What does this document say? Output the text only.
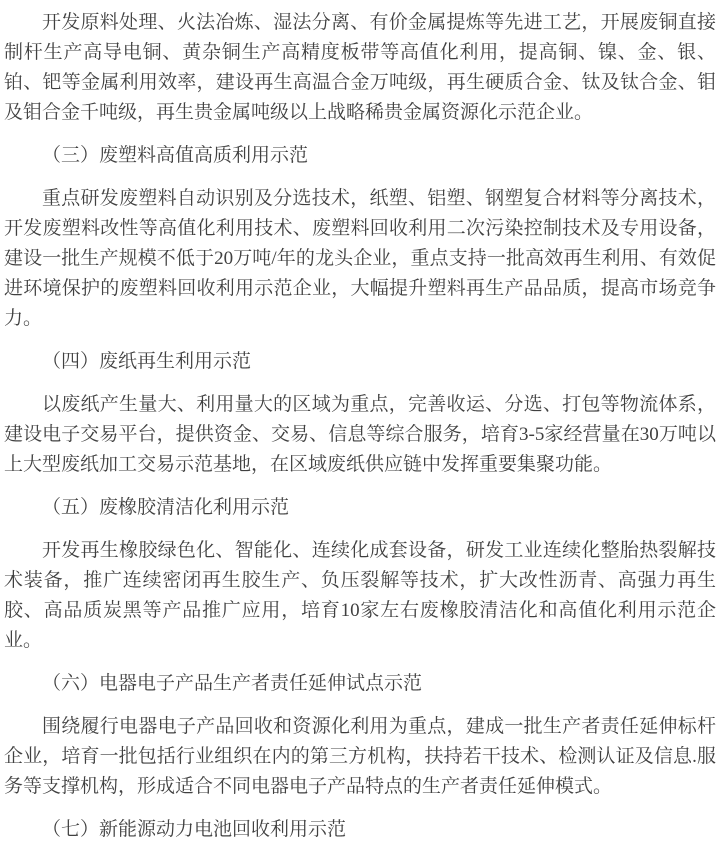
开发原料处理、火法冶炼、湿法分离、有价金属提炼等先进工艺，开展废铜直接制杆生产高导电铜、黄杂铜生产高精度板带等高值化利用，提高铜、镍、金、银、铂、钯等金属利用效率，建设再生高温合金万吨级，再生硬质合金、钛及钛合金、钼及钼合金千吨级，再生贵金属吨级以上战略稀贵金属资源化示范企业。

（三）废塑料高值高质利用示范

重点研发废塑料自动识别及分选技术，纸塑、铝塑、钢塑复合材料等分离技术，开发废塑料改性等高值化利用技术、废塑料回收利用二次污染控制技术及专用设备，建设一批生产规模不低于20万吨/年的龙头企业，重点支持一批高效再生利用、有效促进环境保护的废塑料回收利用示范企业，大幅提升塑料再生产品品质，提高市场竞争力。

（四）废纸再生利用示范

以废纸产生量大、利用量大的区域为重点，完善收运、分选、打包等物流体系，建设电子交易平台，提供资金、交易、信息等综合服务，培育3-5家经营量在30万吨以上大型废纸加工交易示范基地，在区域废纸供应链中发挥重要集聚功能。

（五）废橡胶清洁化利用示范

开发再生橡胶绿色化、智能化、连续化成套设备，研发工业连续化整胎热裂解技术装备，推广连续密闭再生胶生产、负压裂解等技术，扩大改性沥青、高强力再生胶、高品质炭黑等产品推广应用，培育10家左右废橡胶清洁化和高值化利用示范企业。

（六）电器电子产品生产者责任延伸试点示范

围绕履行电器电子产品回收和资源化利用为重点，建成一批生产者责任延伸标杆企业，培育一批包括行业组织在内的第三方机构，扶持若干技术、检测认证及信息.服务等支撑机构，形成适合不同电器电子产品特点的生产者责任延伸模式。

（七）新能源动力电池回收利用示范
